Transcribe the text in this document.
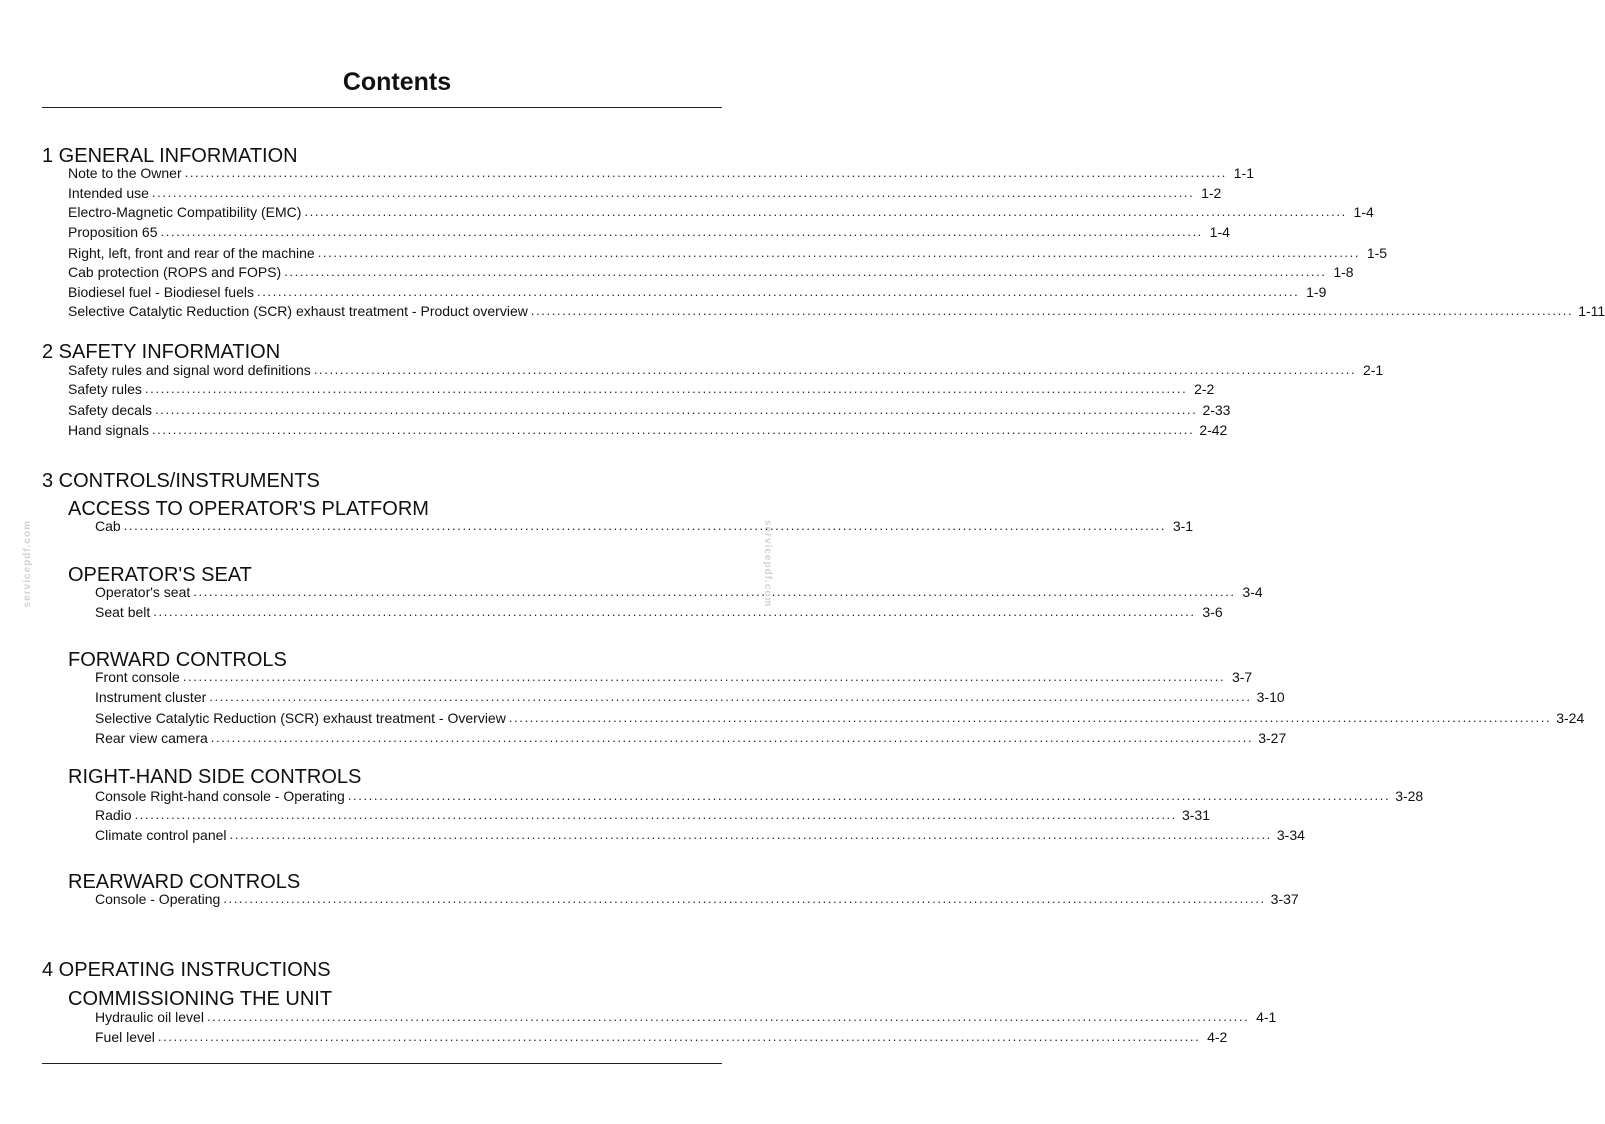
Contents
1 GENERAL INFORMATION
Note to the Owner ........................................................................................................................................................................................................ 1-1
Intended use ........................................................................................................................................................................................................ 1-2
Electro-Magnetic Compatibility (EMC) ........................................................................................................................................................................................................ 1-4
Proposition 65 ........................................................................................................................................................................................................ 1-4
Right, left, front and rear of the machine ........................................................................................................................................................................................................ 1-5
Cab protection (ROPS and FOPS) ........................................................................................................................................................................................................ 1-8
Biodiesel fuel - Biodiesel fuels ........................................................................................................................................................................................................ 1-9
Selective Catalytic Reduction (SCR) exhaust treatment - Product overview ........................................................................................................................................................................................................ 1-11
2 SAFETY INFORMATION
Safety rules and signal word definitions ........................................................................................................................................................................................................ 2-1
Safety rules ........................................................................................................................................................................................................ 2-2
Safety decals ........................................................................................................................................................................................................ 2-33
Hand signals ........................................................................................................................................................................................................ 2-42
3 CONTROLS/INSTRUMENTS
ACCESS TO OPERATOR'S PLATFORM
Cab ........................................................................................................................................................................................................ 3-1
OPERATOR'S SEAT
Operator's seat ........................................................................................................................................................................................................ 3-4
Seat belt ........................................................................................................................................................................................................ 3-6
FORWARD CONTROLS
Front console ........................................................................................................................................................................................................ 3-7
Instrument cluster ........................................................................................................................................................................................................ 3-10
Selective Catalytic Reduction (SCR) exhaust treatment - Overview ........................................................................................................................................................................................................ 3-24
Rear view camera ........................................................................................................................................................................................................ 3-27
RIGHT-HAND SIDE CONTROLS
Console Right-hand console - Operating ........................................................................................................................................................................................................ 3-28
Radio ........................................................................................................................................................................................................ 3-31
Climate control panel ........................................................................................................................................................................................................ 3-34
REARWARD CONTROLS
Console - Operating ........................................................................................................................................................................................................ 3-37
4 OPERATING INSTRUCTIONS
COMMISSIONING THE UNIT
Hydraulic oil level ........................................................................................................................................................................................................ 4-1
Fuel level ........................................................................................................................................................................................................ 4-2
servicepdf.com	servicepdf.com
